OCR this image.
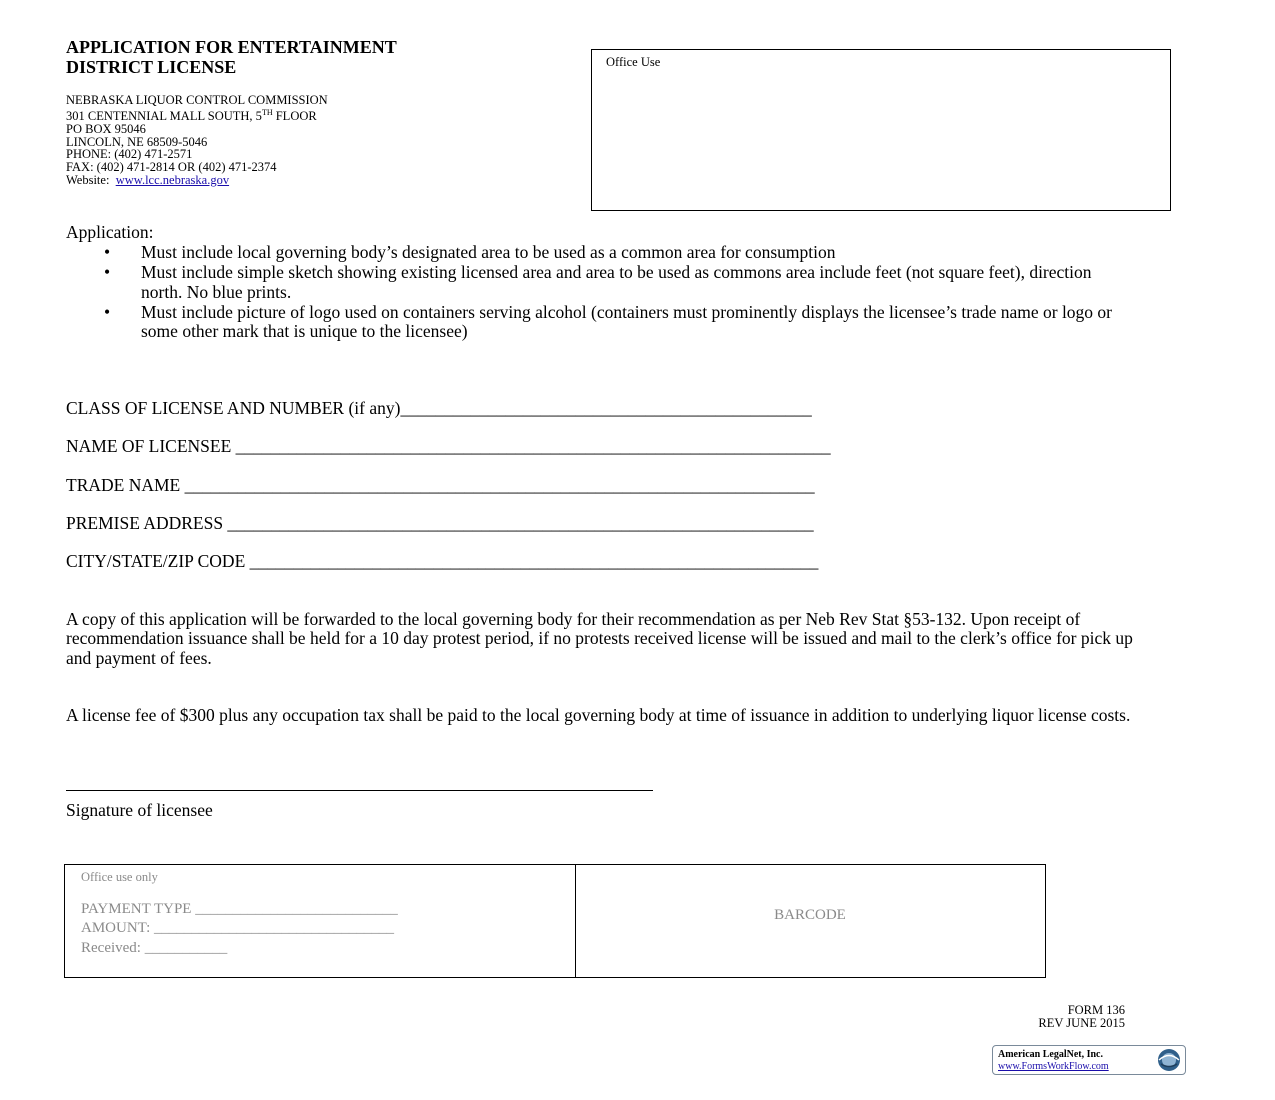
APPLICATION FOR ENTERTAINMENT
DISTRICT LICENSE
NEBRASKA LIQUOR CONTROL COMMISSION
301 CENTENNIAL MALL SOUTH, 5TH FLOOR
PO BOX 95046
LINCOLN, NE 68509-5046
PHONE: (402) 471-2571
FAX: (402) 471-2814 OR (402) 471-2374
Website: www.lcc.nebraska.gov
Office Use
Application:
• Must include local governing body’s designated area to be used as a common area for consumption
• Must include simple sketch showing existing licensed area and area to be used as commons area include feet (not square feet), direction north. No blue prints.
• Must include picture of logo used on containers serving alcohol (containers must prominently displays the licensee’s trade name or logo or some other mark that is unique to the licensee)
CLASS OF LICENSE AND NUMBER (if any)_______________________________________________
NAME OF LICENSEE ____________________________________________________________________
TRADE NAME ________________________________________________________________________
PREMISE ADDRESS ___________________________________________________________________
CITY/STATE/ZIP CODE _________________________________________________________________
A copy of this application will be forwarded to the local governing body for their recommendation as per Neb Rev Stat §53-132. Upon receipt of recommendation issuance shall be held for a 10 day protest period, if no protests received license will be issued and mail to the clerk’s office for pick up and payment of fees.
A license fee of $300 plus any occupation tax shall be paid to the local governing body at time of issuance in addition to underlying liquor license costs.
Signature of licensee
Office use only
PAYMENT TYPE ___________________________
AMOUNT: ________________________________
Received: ___________
BARCODE
FORM 136
REV JUNE 2015
American LegalNet, Inc.
www.FormsWorkFlow.com
